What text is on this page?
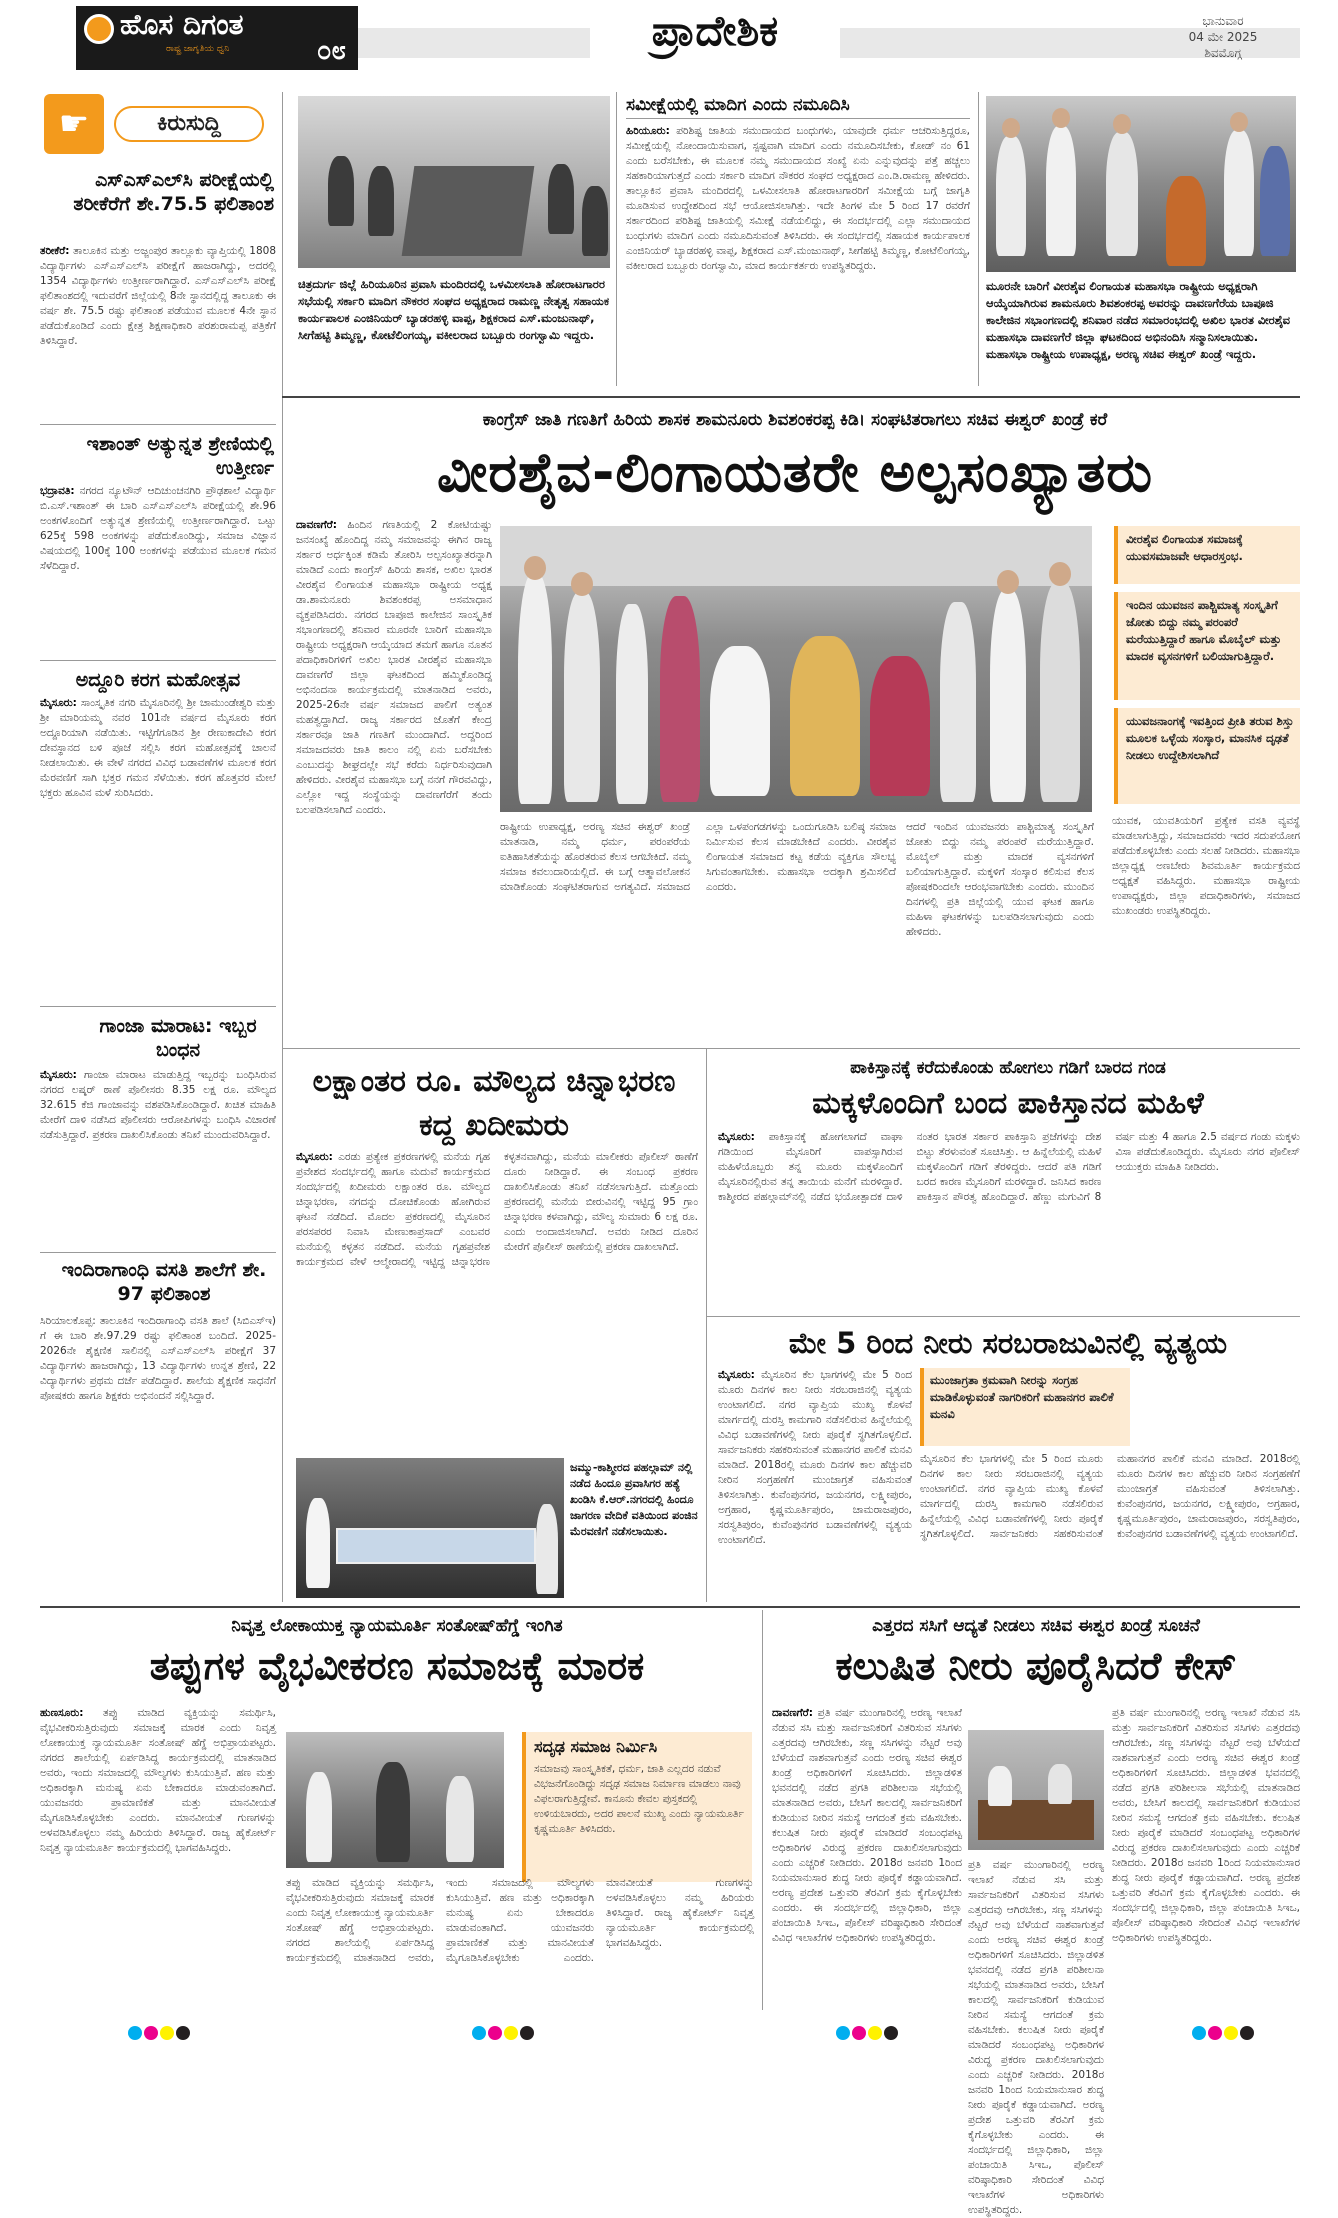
ಹೊಸ ದಿಗಂತ
ರಾಷ್ಟ್ರ ಜಾಗೃತಿಯ ಧ್ವನಿ	೦೮	ಪ್ರಾದೇಶಿಕ	ಭಾನುವಾರ
04 ಮೇ 2025
ಶಿವಮೊಗ್ಗ
☛	ಕಿರುಸುದ್ದಿ
ಎಸ್‌ಎಸ್‌ಎಲ್‌ಸಿ ಪರೀಕ್ಷೆಯಲ್ಲಿ ತರೀಕೆರೆಗೆ ಶೇ.75.5 ಫಲಿತಾಂಶ
ತರೀಕೆರೆ: ತಾಲೂಕಿನ ಮತ್ತು ಅಜ್ಜಂಪುರ ತಾಲ್ಲೂಕು ವ್ಯಾಪ್ತಿಯಲ್ಲಿ 1808 ವಿದ್ಯಾರ್ಥಿಗಳು ಎಸ್‌ಎಸ್‌ಎಲ್‌ಸಿ ಪರೀಕ್ಷೆಗೆ ಹಾಜರಾಗಿದ್ದು, ಅದರಲ್ಲಿ 1354 ವಿದ್ಯಾರ್ಥಿಗಳು ಉತ್ತೀರ್ಣರಾಗಿದ್ದಾರೆ. ಎಸ್‌ಎಸ್‌ಎಲ್‌ಸಿ ಪರೀಕ್ಷೆ ಫಲಿತಾಂಶದಲ್ಲಿ ಇದುವರೆಗೆ ಜಿಲ್ಲೆಯಲ್ಲಿ 8ನೇ ಸ್ಥಾನದಲ್ಲಿದ್ದ ತಾಲೂಕು ಈ ವರ್ಷ ಶೇ. 75.5 ರಷ್ಟು ಫಲಿತಾಂಶ ಪಡೆಯುವ ಮೂಲಕ 4ನೇ ಸ್ಥಾನ ಪಡೆದುಕೊಂಡಿದೆ ಎಂದು ಕ್ಷೇತ್ರ ಶಿಕ್ಷಣಾಧಿಕಾರಿ ಪರಶುರಾಮಪ್ಪ ಪತ್ರಿಕೆಗೆ ತಿಳಿಸಿದ್ದಾರೆ.
ಇಶಾಂತ್ ಅತ್ಯುನ್ನತ ಶ್ರೇಣಿಯಲ್ಲಿ ಉತ್ತೀರ್ಣ
ಭದ್ರಾವತಿ: ನಗರದ ನ್ಯೂಟೌನ್ ಆದಿಚುಂಚನಗಿರಿ ಪ್ರೌಢಶಾಲೆ ವಿದ್ಯಾರ್ಥಿ ಬಿ.ಎಸ್.ಇಶಾಂತ್ ಈ ಬಾರಿ ಎಸ್‌ಎಸ್‌ಎಲ್‌ಸಿ ಪರೀಕ್ಷೆಯಲ್ಲಿ ಶೇ.96 ಅಂಕಗಳೊಂದಿಗೆ ಅತ್ಯುನ್ನತ ಶ್ರೇಣಿಯಲ್ಲಿ ಉತ್ತೀರ್ಣರಾಗಿದ್ದಾರೆ. ಒಟ್ಟು 625ಕ್ಕೆ 598 ಅಂಕಗಳನ್ನು ಪಡೆದುಕೊಂಡಿದ್ದು, ಸಮಾಜ ವಿಜ್ಞಾನ ವಿಷಯದಲ್ಲಿ 100ಕ್ಕೆ 100 ಅಂಕಗಳನ್ನು ಪಡೆಯುವ ಮೂಲಕ ಗಮನ ಸೆಳೆದಿದ್ದಾರೆ.
ಅದ್ದೂರಿ ಕರಗ ಮಹೋತ್ಸವ
ಮೈಸೂರು: ಸಾಂಸ್ಕೃತಿಕ ನಗರಿ ಮೈಸೂರಿನಲ್ಲಿ ಶ್ರೀ ಚಾಮುಂಡೇಶ್ವರಿ ಮತ್ತು ಶ್ರೀ ಮಾರಿಯಮ್ಮ ನವರ 101ನೇ ವರ್ಷದ ಮೈಸೂರು ಕರಗ ಅದ್ದೂರಿಯಾಗಿ ನಡೆಯಿತು. ಇಟ್ಟಿಗೆಗೂಡಿನ ಶ್ರೀ ರೇಣುಕಾದೇವಿ ಕರಗ ದೇವಸ್ಥಾನದ ಬಳಿ ಪೂಜೆ ಸಲ್ಲಿಸಿ ಕರಗ ಮಹೋತ್ಸವಕ್ಕೆ ಚಾಲನೆ ನೀಡಲಾಯಿತು. ಈ ವೇಳೆ ನಗರದ ವಿವಿಧ ಬಡಾವಣೆಗಳ ಮೂಲಕ ಕರಗ ಮೆರವಣಿಗೆ ಸಾಗಿ ಭಕ್ತರ ಗಮನ ಸೆಳೆಯಿತು. ಕರಗ ಹೊತ್ತವರ ಮೇಲೆ ಭಕ್ತರು ಹೂವಿನ ಮಳೆ ಸುರಿಸಿದರು.
ಗಾಂಜಾ ಮಾರಾಟ: ಇಬ್ಬರ ಬಂಧನ
ಮೈಸೂರು: ಗಾಂಜಾ ಮಾರಾಟ ಮಾಡುತ್ತಿದ್ದ ಇಬ್ಬರನ್ನು ಬಂಧಿಸಿರುವ ನಗರದ ಲಷ್ಕರ್ ಠಾಣೆ ಪೊಲೀಸರು 8.35 ಲಕ್ಷ ರೂ. ಮೌಲ್ಯದ 32.615 ಕೆಜಿ ಗಾಂಜಾವನ್ನು ವಶಪಡಿಸಿಕೊಂಡಿದ್ದಾರೆ. ಖಚಿತ ಮಾಹಿತಿ ಮೇರೆಗೆ ದಾಳಿ ನಡೆಸಿದ ಪೊಲೀಸರು ಆರೋಪಿಗಳನ್ನು ಬಂಧಿಸಿ ವಿಚಾರಣೆ ನಡೆಸುತ್ತಿದ್ದಾರೆ. ಪ್ರಕರಣ ದಾಖಲಿಸಿಕೊಂಡು ತನಿಖೆ ಮುಂದುವರಿಸಿದ್ದಾರೆ.
ಇಂದಿರಾಗಾಂಧಿ ವಸತಿ ಶಾಲೆಗೆ ಶೇ. 97 ಫಲಿತಾಂಶ
ಸಿರಿಯಾಲಕೊಪ್ಪ: ತಾಲೂಕಿನ ಇಂದಿರಾಗಾಂಧಿ ವಸತಿ ಶಾಲೆ (ಸಿಬಿಎಸ್‌ಇ) ಗೆ ಈ ಬಾರಿ ಶೇ.97.29 ರಷ್ಟು ಫಲಿತಾಂಶ ಬಂದಿದೆ. 2025-2026ನೇ ಶೈಕ್ಷಣಿಕ ಸಾಲಿನಲ್ಲಿ ಎಸ್‌ಎಸ್‌ಎಲ್‌ಸಿ ಪರೀಕ್ಷೆಗೆ 37 ವಿದ್ಯಾರ್ಥಿಗಳು ಹಾಜರಾಗಿದ್ದು, 13 ವಿದ್ಯಾರ್ಥಿಗಳು ಉನ್ನತ ಶ್ರೇಣಿ, 22 ವಿದ್ಯಾರ್ಥಿಗಳು ಪ್ರಥಮ ದರ್ಜೆ ಪಡೆದಿದ್ದಾರೆ. ಶಾಲೆಯ ಶೈಕ್ಷಣಿಕ ಸಾಧನೆಗೆ ಪೋಷಕರು ಹಾಗೂ ಶಿಕ್ಷಕರು ಅಭಿನಂದನೆ ಸಲ್ಲಿಸಿದ್ದಾರೆ.
ಚಿತ್ರದುರ್ಗ ಜಿಲ್ಲೆ ಹಿರಿಯೂರಿನ ಪ್ರವಾಸಿ ಮಂದಿರದಲ್ಲಿ ಒಳಮೀಸಲಾತಿ ಹೋರಾಟಗಾರರ ಸಭೆಯಲ್ಲಿ ಸರ್ಕಾರಿ ಮಾದಿಗ ನೌಕರರ ಸಂಘದ ಅಧ್ಯಕ್ಷರಾದ ರಾಮಣ್ಣ ನೇತೃತ್ವ ಸಹಾಯಕ ಕಾರ್ಯಪಾಲಕ ಎಂಜಿನಿಯರ್ ಬ್ಯಾಡರಹಳ್ಳಿ ವಾಪ್ಪ, ಶಿಕ್ಷಕರಾದ ಎಸ್.ಮಂಜುನಾಥ್, ಸೀಗೆಹಟ್ಟಿ ತಿಮ್ಮಣ್ಣ, ಕೋಟೆಲಿಂಗಯ್ಯ, ವಕೀಲರಾದ ಬಬ್ಬೂರು ರಂಗಸ್ವಾಮಿ ಇದ್ದರು.
ಸಮೀಕ್ಷೆಯಲ್ಲಿ ಮಾದಿಗ ಎಂದು ನಮೂದಿಸಿ
ಹಿರಿಯೂರು: ಪರಿಶಿಷ್ಟ ಜಾತಿಯ ಸಮುದಾಯದ ಬಂಧುಗಳು, ಯಾವುದೇ ಧರ್ಮ ಆಚರಿಸುತ್ತಿದ್ದರೂ, ಸಮೀಕ್ಷೆಯಲ್ಲಿ ನೋಂದಾಯಿಸುವಾಗ, ಸ್ಪಷ್ಟವಾಗಿ ಮಾದಿಗ ಎಂದು ನಮೂದಿಸಬೇಕು, ಕೋಡ್ ನಂ 61 ಎಂದು ಬರೆಸಬೇಕು, ಈ ಮೂಲಕ ನಮ್ಮ ಸಮುದಾಯದ ಸಂಖ್ಯೆ ಏನು ಎನ್ನುವುದನ್ನು ಪತ್ತೆ ಹಚ್ಚಲು ಸಹಕಾರಿಯಾಗುತ್ತದೆ ಎಂದು ಸರ್ಕಾರಿ ಮಾದಿಗ ನೌಕರರ ಸಂಘದ ಅಧ್ಯಕ್ಷರಾದ ಎಂ.ಡಿ.ರಾಮಣ್ಣ ಹೇಳಿದರು. ತಾಲ್ಲೂಕಿನ ಪ್ರವಾಸಿ ಮಂದಿರದಲ್ಲಿ ಒಳಮೀಸಲಾತಿ ಹೋರಾಟಗಾರರಿಗೆ ಸಮೀಕ್ಷೆಯ ಬಗ್ಗೆ ಜಾಗೃತಿ ಮೂಡಿಸುವ ಉದ್ದೇಶದಿಂದ ಸಭೆ ಆಯೋಜಿಸಲಾಗಿತ್ತು. ಇದೇ ತಿಂಗಳ ಮೇ 5 ರಿಂದ 17 ರವರೆಗೆ ಸರ್ಕಾರದಿಂದ ಪರಿಶಿಷ್ಟ ಜಾತಿಯಲ್ಲಿ ಸಮೀಕ್ಷೆ ನಡೆಯಲಿದ್ದು, ಈ ಸಂದರ್ಭದಲ್ಲಿ ಎಲ್ಲಾ ಸಮುದಾಯದ ಬಂಧುಗಳು ಮಾದಿಗ ಎಂದು ನಮೂದಿಸುವಂತೆ ತಿಳಿಸಿದರು. ಈ ಸಂದರ್ಭದಲ್ಲಿ ಸಹಾಯಕ ಕಾರ್ಯಪಾಲಕ ಎಂಜಿನಿಯರ್ ಬ್ಯಾಡರಹಳ್ಳಿ ವಾಪ್ಪ, ಶಿಕ್ಷಕರಾದ ಎಸ್.ಮಂಜುನಾಥ್, ಸೀಗೆಹಟ್ಟಿ ತಿಮ್ಮಣ್ಣ, ಕೋಟೆಲಿಂಗಯ್ಯ, ವಕೀಲರಾದ ಬಬ್ಬೂರು ರಂಗಸ್ವಾಮಿ, ಮಾದ ಕಾರ್ಯಕರ್ತರು ಉಪಸ್ಥಿತರಿದ್ದರು.
ಮೂರನೇ ಬಾರಿಗೆ ವೀರಶೈವ ಲಿಂಗಾಯತ ಮಹಾಸಭಾ ರಾಷ್ಟ್ರೀಯ ಅಧ್ಯಕ್ಷರಾಗಿ ಆಯ್ಕೆಯಾಗಿರುವ ಶಾಮನೂರು ಶಿವಶಂಕರಪ್ಪ ಅವರನ್ನು ದಾವಣಗೆರೆಯ ಬಾಪೂಜಿ ಕಾಲೇಜಿನ ಸಭಾಂಗಣದಲ್ಲಿ ಶನಿವಾರ ನಡೆದ ಸಮಾರಂಭದಲ್ಲಿ ಅಖಿಲ ಭಾರತ ವೀರಶೈವ ಮಹಾಸಭಾ ದಾವಣಗೆರೆ ಜಿಲ್ಲಾ ಘಟಕದಿಂದ ಅಭಿನಂದಿಸಿ ಸನ್ಮಾನಿಸಲಾಯಿತು. ಮಹಾಸಭಾ ರಾಷ್ಟ್ರೀಯ ಉಪಾಧ್ಯಕ್ಷ, ಅರಣ್ಯ ಸಚಿವ ಈಶ್ವರ್ ಖಂಡ್ರೆ ಇದ್ದರು.
ಕಾಂಗ್ರೆಸ್ ಜಾತಿ ಗಣತಿಗೆ ಹಿರಿಯ ಶಾಸಕ ಶಾಮನೂರು ಶಿವಶಂಕರಪ್ಪ ಕಿಡಿ। ಸಂಘಟಿತರಾಗಲು ಸಚಿವ ಈಶ್ವರ್ ಖಂಡ್ರೆ ಕರೆ
ವೀರಶೈವ-ಲಿಂಗಾಯತರೇ ಅಲ್ಪಸಂಖ್ಯಾತರು
ದಾವಣಗೆರೆ: ಹಿಂದಿನ ಗಣತಿಯಲ್ಲಿ 2 ಕೋಟಿಯಷ್ಟು ಜನಸಂಖ್ಯೆ ಹೊಂದಿದ್ದ ನಮ್ಮ ಸಮಾಜವನ್ನು ಈಗಿನ ರಾಜ್ಯ ಸರ್ಕಾರ ಅರ್ಧಕ್ಕಿಂತ ಕಡಿಮೆ ತೋರಿಸಿ ಅಲ್ಪಸಂಖ್ಯಾತರನ್ನಾಗಿ ಮಾಡಿದೆ ಎಂದು ಕಾಂಗ್ರೆಸ್ ಹಿರಿಯ ಶಾಸಕ, ಅಖಿಲ ಭಾರತ ವೀರಶೈವ ಲಿಂಗಾಯತ ಮಹಾಸಭಾ ರಾಷ್ಟ್ರೀಯ ಅಧ್ಯಕ್ಷ ಡಾ.ಶಾಮನೂರು ಶಿವಶಂಕರಪ್ಪ ಅಸಮಾಧಾನ ವ್ಯಕ್ತಪಡಿಸಿದರು. ನಗರದ ಬಾಪೂಜಿ ಕಾಲೇಜಿನ ಸಾಂಸ್ಕೃತಿಕ ಸಭಾಂಗಣದಲ್ಲಿ ಶನಿವಾರ ಮೂರನೇ ಬಾರಿಗೆ ಮಹಾಸಭಾ ರಾಷ್ಟ್ರೀಯ ಅಧ್ಯಕ್ಷರಾಗಿ ಆಯ್ಕೆಯಾದ ತಮಗೆ ಹಾಗೂ ನೂತನ ಪದಾಧಿಕಾರಿಗಳಿಗೆ ಅಖಿಲ ಭಾರತ ವೀರಶೈವ ಮಹಾಸಭಾ ದಾವಣಗೆರೆ ಜಿಲ್ಲಾ ಘಟಕದಿಂದ ಹಮ್ಮಿಕೊಂಡಿದ್ದ ಅಭಿನಂದನಾ ಕಾರ್ಯಕ್ರಮದಲ್ಲಿ ಮಾತನಾಡಿದ ಅವರು, 2025-26ನೇ ವರ್ಷ ಸಮಾಜದ ಪಾಲಿಗೆ ಅತ್ಯಂತ ಮಹತ್ವದ್ದಾಗಿದೆ. ರಾಜ್ಯ ಸರ್ಕಾರದ ಜೊತೆಗೆ ಕೇಂದ್ರ ಸರ್ಕಾರವೂ ಜಾತಿ ಗಣತಿಗೆ ಮುಂದಾಗಿದೆ. ಅದ್ದರಿಂದ ಸಮಾಜದವರು ಜಾತಿ ಕಾಲಂ ನಲ್ಲಿ ಏನು ಬರೆಸಬೇಕು ಎಂಬುದನ್ನು ಶೀಘ್ರದಲ್ಲೇ ಸಭೆ ಕರೆದು ನಿರ್ಧರಿಸುವುದಾಗಿ ಹೇಳಿದರು. ವೀರಶೈವ ಮಹಾಸಭಾ ಬಗ್ಗೆ ನನಗೆ ಗೌರವವಿದ್ದು, ಎಲ್ಲೋ ಇದ್ದ ಸಂಸ್ಥೆಯನ್ನು ದಾವಣಗೆರೆಗೆ ತಂದು ಬಲಪಡಿಸಲಾಗಿದೆ ಎಂದರು.
ವೀರಶೈವ ಲಿಂಗಾಯತ ಸಮಾಜಕ್ಕೆ ಯುವಸಮಾಜವೇ ಆಧಾರಸ್ತಂಭ.
ಇಂದಿನ ಯುವಜನ ಪಾಶ್ಚಿಮಾತ್ಯ ಸಂಸ್ಕೃತಿಗೆ ಜೋತು ಬಿದ್ದು ನಮ್ಮ ಪರಂಪರೆ ಮರೆಯುತ್ತಿದ್ದಾರೆ ಹಾಗೂ ಮೊಬೈಲ್ ಮತ್ತು ಮಾದಕ ವ್ಯಸನಗಳಿಗೆ ಬಲಿಯಾಗುತ್ತಿದ್ದಾರೆ.
ಯುವಜನಾಂಗಕ್ಕೆ ಇವತ್ತಿಂದ ಪ್ರೀತಿ ತರುವ ಶಿಸ್ತು ಮೂಲಕ ಒಳ್ಳೆಯ ಸಂಸ್ಕಾರ, ಮಾನಸಿಕ ದೃಢತೆ ನೀಡಲು ಉದ್ದೇಶಿಸಲಾಗಿದೆ
ರಾಷ್ಟ್ರೀಯ ಉಪಾಧ್ಯಕ್ಷ, ಅರಣ್ಯ ಸಚಿವ ಈಶ್ವರ್ ಖಂಡ್ರೆ ಮಾತನಾಡಿ, ನಮ್ಮ ಧರ್ಮ, ಪರಂಪರೆಯ ಐತಿಹಾಸಿಕತೆಯನ್ನು ಹೊರತರುವ ಕೆಲಸ ಆಗಬೇಕಿದೆ. ನಮ್ಮ ಸಮಾಜ ಕವಲುದಾರಿಯಲ್ಲಿದೆ. ಈ ಬಗ್ಗೆ ಆತ್ಮಾವಲೋಕನ ಮಾಡಿಕೊಂಡು ಸಂಘಟಿತರಾಗುವ ಅಗತ್ಯವಿದೆ. ಸಮಾಜದ ಎಲ್ಲಾ ಒಳಪಂಗಡಗಳನ್ನು ಒಂದುಗೂಡಿಸಿ ಬಲಿಷ್ಠ ಸಮಾಜ ನಿರ್ಮಿಸುವ ಕೆಲಸ ಮಾಡಬೇಕಿದೆ ಎಂದರು. ವೀರಶೈವ ಲಿಂಗಾಯತ ಸಮಾಜದ ಕಟ್ಟ ಕಡೆಯ ವ್ಯಕ್ತಿಗೂ ಸೌಲಭ್ಯ ಸಿಗುವಂತಾಗಬೇಕು. ಮಹಾಸಭಾ ಅದಕ್ಕಾಗಿ ಶ್ರಮಿಸಲಿದೆ ಎಂದರು.
ಆದರೆ ಇಂದಿನ ಯುವಜನರು ಪಾಶ್ಚಿಮಾತ್ಯ ಸಂಸ್ಕೃತಿಗೆ ಜೋತು ಬಿದ್ದು ನಮ್ಮ ಪರಂಪರೆ ಮರೆಯುತ್ತಿದ್ದಾರೆ. ಮೊಬೈಲ್ ಮತ್ತು ಮಾದಕ ವ್ಯಸನಗಳಿಗೆ ಬಲಿಯಾಗುತ್ತಿದ್ದಾರೆ. ಮಕ್ಕಳಿಗೆ ಸಂಸ್ಕಾರ ಕಲಿಸುವ ಕೆಲಸ ಪೋಷಕರಿಂದಲೇ ಆರಂಭವಾಗಬೇಕು ಎಂದರು. ಮುಂದಿನ ದಿನಗಳಲ್ಲಿ ಪ್ರತಿ ಜಿಲ್ಲೆಯಲ್ಲಿ ಯುವ ಘಟಕ ಹಾಗೂ ಮಹಿಳಾ ಘಟಕಗಳನ್ನು ಬಲಪಡಿಸಲಾಗುವುದು ಎಂದು ಹೇಳಿದರು.
ಯುವಕ, ಯುವತಿಯರಿಗೆ ಪ್ರತ್ಯೇಕ ವಸತಿ ವ್ಯವಸ್ಥೆ ಮಾಡಲಾಗುತ್ತಿದ್ದು, ಸಮಾಜದವರು ಇದರ ಸದುಪಯೋಗ ಪಡೆದುಕೊಳ್ಳಬೇಕು ಎಂದು ಸಲಹೆ ನೀಡಿದರು. ಮಹಾಸಭಾ ಜಿಲ್ಲಾಧ್ಯಕ್ಷ ಅಣಬೇರು ಶಿವಮೂರ್ತಿ ಕಾರ್ಯಕ್ರಮದ ಅಧ್ಯಕ್ಷತೆ ವಹಿಸಿದ್ದರು. ಮಹಾಸಭಾ ರಾಷ್ಟ್ರೀಯ ಉಪಾಧ್ಯಕ್ಷರು, ಜಿಲ್ಲಾ ಪದಾಧಿಕಾರಿಗಳು, ಸಮಾಜದ ಮುಖಂಡರು ಉಪಸ್ಥಿತರಿದ್ದರು.
ಲಕ್ಷಾಂತರ ರೂ. ಮೌಲ್ಯದ ಚಿನ್ನಾಭರಣ ಕದ್ದ ಖದೀಮರು
ಮೈಸೂರು: ಎರಡು ಪ್ರತ್ಯೇಕ ಪ್ರಕರಣಗಳಲ್ಲಿ ಮನೆಯ ಗೃಹ ಪ್ರವೇಶದ ಸಂದರ್ಭದಲ್ಲಿ ಹಾಗೂ ಮದುವೆ ಕಾರ್ಯಕ್ರಮದ ಸಂದರ್ಭದಲ್ಲಿ ಖದೀಮರು ಲಕ್ಷಾಂತರ ರೂ. ಮೌಲ್ಯದ ಚಿನ್ನಾಭರಣ, ನಗದನ್ನು ದೋಚಿಕೊಂಡು ಹೋಗಿರುವ ಘಟನೆ ನಡೆದಿದೆ. ಮೊದಲ ಪ್ರಕರಣದಲ್ಲಿ ಮೈಸೂರಿನ ಪರಸಪರರ ನಿವಾಸಿ ಮೇಣುಕಾಪ್ರಸಾದ್ ಎಂಬವರ ಮನೆಯಲ್ಲಿ ಕಳ್ಳತನ ನಡೆದಿದೆ. ಮನೆಯ ಗೃಹಪ್ರವೇಶ ಕಾರ್ಯಕ್ರಮದ ವೇಳೆ ಆಲ್ಮೇರಾದಲ್ಲಿ ಇಟ್ಟಿದ್ದ ಚಿನ್ನಾಭರಣ ಕಳ್ಳತನವಾಗಿದ್ದು, ಮನೆಯ ಮಾಲೀಕರು ಪೊಲೀಸ್ ಠಾಣೆಗೆ ದೂರು ನೀಡಿದ್ದಾರೆ. ಈ ಸಂಬಂಧ ಪ್ರಕರಣ ದಾಖಲಿಸಿಕೊಂಡು ತನಿಖೆ ನಡೆಸಲಾಗುತ್ತಿದೆ. ಮತ್ತೊಂದು ಪ್ರಕರಣದಲ್ಲಿ ಮನೆಯ ಬೀರುವಿನಲ್ಲಿ ಇಟ್ಟಿದ್ದ 95 ಗ್ರಾಂ ಚಿನ್ನಾಭರಣ ಕಳವಾಗಿದ್ದು, ಮೌಲ್ಯ ಸುಮಾರು 6 ಲಕ್ಷ ರೂ. ಎಂದು ಅಂದಾಜಿಸಲಾಗಿದೆ. ಅವರು ನೀಡಿದ ದೂರಿನ ಮೇರೆಗೆ ಪೊಲೀಸ್ ಠಾಣೆಯಲ್ಲಿ ಪ್ರಕರಣ ದಾಖಲಾಗಿದೆ.
ಜಮ್ಮು-ಕಾಶ್ಮೀರದ ಪಹಲ್ಗಾಮ್ ನಲ್ಲಿ ನಡೆದ ಹಿಂದೂ ಪ್ರವಾಸಿಗರ ಹತ್ಯೆ ಖಂಡಿಸಿ ಕೆ.ಆರ್.ನಗರದಲ್ಲಿ ಹಿಂದೂ ಜಾಗರಣ ವೇದಿಕೆ ವತಿಯಿಂದ ಪಂಜಿನ ಮೆರವಣಿಗೆ ನಡೆಸಲಾಯಿತು.
ಪಾಕಿಸ್ತಾನಕ್ಕೆ ಕರೆದುಕೊಂಡು ಹೋಗಲು ಗಡಿಗೆ ಬಾರದ ಗಂಡ
ಮಕ್ಕಳೊಂದಿಗೆ ಬಂದ ಪಾಕಿಸ್ತಾನದ ಮಹಿಳೆ
ಮೈಸೂರು: ಪಾಕಿಸ್ತಾನಕ್ಕೆ ಹೋಗಲಾಗದೆ ವಾಘಾ ಗಡಿಯಿಂದ ಮೈಸೂರಿಗೆ ವಾಪಸ್ಸಾಗಿರುವ ಮಹಿಳೆಯೊಬ್ಬರು ತನ್ನ ಮೂರು ಮಕ್ಕಳೊಂದಿಗೆ ಮೈಸೂರಿನಲ್ಲಿರುವ ತನ್ನ ತಾಯಿಯ ಮನೆಗೆ ಮರಳಿದ್ದಾರೆ. ಕಾಶ್ಮೀರದ ಪಹಲ್ಗಾಮ್‌ನಲ್ಲಿ ನಡೆದ ಭಯೋತ್ಪಾದಕ ದಾಳಿ ನಂತರ ಭಾರತ ಸರ್ಕಾರ ಪಾಕಿಸ್ತಾನಿ ಪ್ರಜೆಗಳನ್ನು ದೇಶ ಬಿಟ್ಟು ತೆರಳುವಂತೆ ಸೂಚಿಸಿತ್ತು. ಆ ಹಿನ್ನೆಲೆಯಲ್ಲಿ ಮಹಿಳೆ ಮಕ್ಕಳೊಂದಿಗೆ ಗಡಿಗೆ ತೆರಳಿದ್ದರು. ಆದರೆ ಪತಿ ಗಡಿಗೆ ಬರದ ಕಾರಣ ಮೈಸೂರಿಗೆ ಮರಳಿದ್ದಾರೆ. ಜನಿಸಿದ ಕಾರಣ ಪಾಕಿಸ್ತಾನ ಪೌರತ್ವ ಹೊಂದಿದ್ದಾರೆ. ಹೆಣ್ಣು ಮಗುವಿಗೆ 8 ವರ್ಷ ಮತ್ತು 4 ಹಾಗೂ 2.5 ವರ್ಷದ ಗಂಡು ಮಕ್ಕಳು ವಿಸಾ ಪಡೆದುಕೊಂಡಿದ್ದರು. ಮೈಸೂರು ನಗರ ಪೊಲೀಸ್ ಆಯುಕ್ತರು ಮಾಹಿತಿ ನೀಡಿದರು.
ಮೇ 5 ರಿಂದ ನೀರು ಸರಬರಾಜುವಿನಲ್ಲಿ ವ್ಯತ್ಯಯ
ಮುಂಜಾಗ್ರತಾ ಕ್ರಮವಾಗಿ ನೀರನ್ನು ಸಂಗ್ರಹ ಮಾಡಿಕೊಳ್ಳುವಂತೆ ನಾಗರಿಕರಿಗೆ ಮಹಾನಗರ ಪಾಲಿಕೆ ಮನವಿ
ಮೈಸೂರು: ಮೈಸೂರಿನ ಕೆಲ ಭಾಗಗಳಲ್ಲಿ ಮೇ 5 ರಿಂದ ಮೂರು ದಿನಗಳ ಕಾಲ ನೀರು ಸರಬರಾಜಿನಲ್ಲಿ ವ್ಯತ್ಯಯ ಉಂಟಾಗಲಿದೆ. ನಗರ ವ್ಯಾಪ್ತಿಯ ಮುಖ್ಯ ಕೊಳವೆ ಮಾರ್ಗದಲ್ಲಿ ದುರಸ್ತಿ ಕಾಮಗಾರಿ ನಡೆಸಲಿರುವ ಹಿನ್ನೆಲೆಯಲ್ಲಿ ವಿವಿಧ ಬಡಾವಣೆಗಳಲ್ಲಿ ನೀರು ಪೂರೈಕೆ ಸ್ಥಗಿತಗೊಳ್ಳಲಿದೆ. ಸಾರ್ವಜನಿಕರು ಸಹಕರಿಸುವಂತೆ ಮಹಾನಗರ ಪಾಲಿಕೆ ಮನವಿ ಮಾಡಿದೆ. 2018ರಲ್ಲಿ ಮೂರು ದಿನಗಳ ಕಾಲ ಹೆಚ್ಚುವರಿ ನೀರಿನ ಸಂಗ್ರಹಣೆಗೆ ಮುಂಜಾಗ್ರತೆ ವಹಿಸುವಂತೆ ತಿಳಿಸಲಾಗಿತ್ತು. ಕುವೆಂಪುನಗರ, ಜಯನಗರ, ಲಕ್ಷ್ಮೀಪುರಂ, ಅಗ್ರಹಾರ, ಕೃಷ್ಣಮೂರ್ತಿಪುರಂ, ಚಾಮರಾಜಪುರಂ, ಸರಸ್ವತಿಪುರಂ, ಕುವೆಂಪುನಗರ ಬಡಾವಣೆಗಳಲ್ಲಿ ವ್ಯತ್ಯಯ ಉಂಟಾಗಲಿದೆ.
ಮೈಸೂರಿನ ಕೆಲ ಭಾಗಗಳಲ್ಲಿ ಮೇ 5 ರಿಂದ ಮೂರು ದಿನಗಳ ಕಾಲ ನೀರು ಸರಬರಾಜಿನಲ್ಲಿ ವ್ಯತ್ಯಯ ಉಂಟಾಗಲಿದೆ. ನಗರ ವ್ಯಾಪ್ತಿಯ ಮುಖ್ಯ ಕೊಳವೆ ಮಾರ್ಗದಲ್ಲಿ ದುರಸ್ತಿ ಕಾಮಗಾರಿ ನಡೆಸಲಿರುವ ಹಿನ್ನೆಲೆಯಲ್ಲಿ ವಿವಿಧ ಬಡಾವಣೆಗಳಲ್ಲಿ ನೀರು ಪೂರೈಕೆ ಸ್ಥಗಿತಗೊಳ್ಳಲಿದೆ. ಸಾರ್ವಜನಿಕರು ಸಹಕರಿಸುವಂತೆ ಮಹಾನಗರ ಪಾಲಿಕೆ ಮನವಿ ಮಾಡಿದೆ. 2018ರಲ್ಲಿ ಮೂರು ದಿನಗಳ ಕಾಲ ಹೆಚ್ಚುವರಿ ನೀರಿನ ಸಂಗ್ರಹಣೆಗೆ ಮುಂಜಾಗ್ರತೆ ವಹಿಸುವಂತೆ ತಿಳಿಸಲಾಗಿತ್ತು. ಕುವೆಂಪುನಗರ, ಜಯನಗರ, ಲಕ್ಷ್ಮೀಪುರಂ, ಅಗ್ರಹಾರ, ಕೃಷ್ಣಮೂರ್ತಿಪುರಂ, ಚಾಮರಾಜಪುರಂ, ಸರಸ್ವತಿಪುರಂ, ಕುವೆಂಪುನಗರ ಬಡಾವಣೆಗಳಲ್ಲಿ ವ್ಯತ್ಯಯ ಉಂಟಾಗಲಿದೆ.
ನಿವೃತ್ತ ಲೋಕಾಯುಕ್ತ ನ್ಯಾಯಮೂರ್ತಿ ಸಂತೋಷ್‌ಹೆಗ್ಡೆ ಇಂಗಿತ
ತಪ್ಪುಗಳ ವೈಭವೀಕರಣ ಸಮಾಜಕ್ಕೆ ಮಾರಕ
ಹುಣಸೂರು: ತಪ್ಪು ಮಾಡಿದ ವ್ಯಕ್ತಿಯನ್ನು ಸಮರ್ಥಿಸಿ, ವೈಭವೀಕರಿಸುತ್ತಿರುವುದು ಸಮಾಜಕ್ಕೆ ಮಾರಕ ಎಂದು ನಿವೃತ್ತ ಲೋಕಾಯುಕ್ತ ನ್ಯಾಯಮೂರ್ತಿ ಸಂತೋಷ್ ಹೆಗ್ಡೆ ಅಭಿಪ್ರಾಯಪಟ್ಟರು. ನಗರದ ಶಾಲೆಯಲ್ಲಿ ಏರ್ಪಡಿಸಿದ್ದ ಕಾರ್ಯಕ್ರಮದಲ್ಲಿ ಮಾತನಾಡಿದ ಅವರು, ಇಂದು ಸಮಾಜದಲ್ಲಿ ಮೌಲ್ಯಗಳು ಕುಸಿಯುತ್ತಿವೆ. ಹಣ ಮತ್ತು ಅಧಿಕಾರಕ್ಕಾಗಿ ಮನುಷ್ಯ ಏನು ಬೇಕಾದರೂ ಮಾಡುವಂತಾಗಿದೆ. ಯುವಜನರು ಪ್ರಾಮಾಣಿಕತೆ ಮತ್ತು ಮಾನವೀಯತೆ ಮೈಗೂಡಿಸಿಕೊಳ್ಳಬೇಕು ಎಂದರು. ಮಾನವೀಯತೆ ಗುಣಗಳನ್ನು ಅಳವಡಿಸಿಕೊಳ್ಳಲು ನಮ್ಮ ಹಿರಿಯರು ತಿಳಿಸಿದ್ದಾರೆ. ರಾಜ್ಯ ಹೈಕೋರ್ಟ್ ನಿವೃತ್ತ ನ್ಯಾಯಮೂರ್ತಿ ಕಾರ್ಯಕ್ರಮದಲ್ಲಿ ಭಾಗವಹಿಸಿದ್ದರು.
ಸದೃಢ ಸಮಾಜ ನಿರ್ಮಿಸಿ
ಸಮಾಜವು ಸಾಂಸ್ಕೃತಿಕತೆ, ಧರ್ಮ, ಜಾತಿ ಎಲ್ಲದರ ನಡುವೆ ವಿಭಜನೆಗೊಂಡಿದ್ದು ಸದೃಢ ಸಮಾಜ ನಿರ್ಮಾಣ ಮಾಡಲು ನಾವು ವಿಫಲರಾಗುತ್ತಿದ್ದೇವೆ. ಕಾನೂನು ಕೇವಲ ಪುಸ್ತಕದಲ್ಲಿ ಉಳಿಯಬಾರದು, ಅದರ ಪಾಲನೆ ಮುಖ್ಯ ಎಂದು ನ್ಯಾಯಮೂರ್ತಿ ಕೃಷ್ಣಮೂರ್ತಿ ತಿಳಿಸಿದರು.
ತಪ್ಪು ಮಾಡಿದ ವ್ಯಕ್ತಿಯನ್ನು ಸಮರ್ಥಿಸಿ, ವೈಭವೀಕರಿಸುತ್ತಿರುವುದು ಸಮಾಜಕ್ಕೆ ಮಾರಕ ಎಂದು ನಿವೃತ್ತ ಲೋಕಾಯುಕ್ತ ನ್ಯಾಯಮೂರ್ತಿ ಸಂತೋಷ್ ಹೆಗ್ಡೆ ಅಭಿಪ್ರಾಯಪಟ್ಟರು. ನಗರದ ಶಾಲೆಯಲ್ಲಿ ಏರ್ಪಡಿಸಿದ್ದ ಕಾರ್ಯಕ್ರಮದಲ್ಲಿ ಮಾತನಾಡಿದ ಅವರು, ಇಂದು ಸಮಾಜದಲ್ಲಿ ಮೌಲ್ಯಗಳು ಕುಸಿಯುತ್ತಿವೆ. ಹಣ ಮತ್ತು ಅಧಿಕಾರಕ್ಕಾಗಿ ಮನುಷ್ಯ ಏನು ಬೇಕಾದರೂ ಮಾಡುವಂತಾಗಿದೆ. ಯುವಜನರು ಪ್ರಾಮಾಣಿಕತೆ ಮತ್ತು ಮಾನವೀಯತೆ ಮೈಗೂಡಿಸಿಕೊಳ್ಳಬೇಕು ಎಂದರು. ಮಾನವೀಯತೆ ಗುಣಗಳನ್ನು ಅಳವಡಿಸಿಕೊಳ್ಳಲು ನಮ್ಮ ಹಿರಿಯರು ತಿಳಿಸಿದ್ದಾರೆ. ರಾಜ್ಯ ಹೈಕೋರ್ಟ್ ನಿವೃತ್ತ ನ್ಯಾಯಮೂರ್ತಿ ಕಾರ್ಯಕ್ರಮದಲ್ಲಿ ಭಾಗವಹಿಸಿದ್ದರು.
ಎತ್ತರದ ಸಸಿಗೆ ಆದ್ಯತೆ ನೀಡಲು ಸಚಿವ ಈಶ್ವರ ಖಂಡ್ರೆ ಸೂಚನೆ
ಕಲುಷಿತ ನೀರು ಪೂರೈಸಿದರೆ ಕೇಸ್
ದಾವಣಗೆರೆ: ಪ್ರತಿ ವರ್ಷ ಮುಂಗಾರಿನಲ್ಲಿ ಅರಣ್ಯ ಇಲಾಖೆ ನೆಡುವ ಸಸಿ ಮತ್ತು ಸಾರ್ವಜನಿಕರಿಗೆ ವಿತರಿಸುವ ಸಸಿಗಳು ಎತ್ತರದವು ಆಗಿರಬೇಕು, ಸಣ್ಣ ಸಸಿಗಳನ್ನು ನೆಟ್ಟರೆ ಅವು ಬೆಳೆಯದೆ ನಾಶವಾಗುತ್ತವೆ ಎಂದು ಅರಣ್ಯ ಸಚಿವ ಈಶ್ವರ ಖಂಡ್ರೆ ಅಧಿಕಾರಿಗಳಿಗೆ ಸೂಚಿಸಿದರು. ಜಿಲ್ಲಾಡಳಿತ ಭವನದಲ್ಲಿ ನಡೆದ ಪ್ರಗತಿ ಪರಿಶೀಲನಾ ಸಭೆಯಲ್ಲಿ ಮಾತನಾಡಿದ ಅವರು, ಬೇಸಿಗೆ ಕಾಲದಲ್ಲಿ ಸಾರ್ವಜನಿಕರಿಗೆ ಕುಡಿಯುವ ನೀರಿನ ಸಮಸ್ಯೆ ಆಗದಂತೆ ಕ್ರಮ ವಹಿಸಬೇಕು. ಕಲುಷಿತ ನೀರು ಪೂರೈಕೆ ಮಾಡಿದರೆ ಸಂಬಂಧಪಟ್ಟ ಅಧಿಕಾರಿಗಳ ವಿರುದ್ಧ ಪ್ರಕರಣ ದಾಖಲಿಸಲಾಗುವುದು ಎಂದು ಎಚ್ಚರಿಕೆ ನೀಡಿದರು. 2018ರ ಜನವರಿ 1ರಿಂದ ನಿಯಮಾನುಸಾರ ಶುದ್ಧ ನೀರು ಪೂರೈಕೆ ಕಡ್ಡಾಯವಾಗಿದೆ. ಅರಣ್ಯ ಪ್ರದೇಶ ಒತ್ತುವರಿ ತೆರವಿಗೆ ಕ್ರಮ ಕೈಗೊಳ್ಳಬೇಕು ಎಂದರು. ಈ ಸಂದರ್ಭದಲ್ಲಿ ಜಿಲ್ಲಾಧಿಕಾರಿ, ಜಿಲ್ಲಾ ಪಂಚಾಯಿತಿ ಸಿಇಒ, ಪೊಲೀಸ್ ವರಿಷ್ಠಾಧಿಕಾರಿ ಸೇರಿದಂತೆ ವಿವಿಧ ಇಲಾಖೆಗಳ ಅಧಿಕಾರಿಗಳು ಉಪಸ್ಥಿತರಿದ್ದರು.
ಪ್ರತಿ ವರ್ಷ ಮುಂಗಾರಿನಲ್ಲಿ ಅರಣ್ಯ ಇಲಾಖೆ ನೆಡುವ ಸಸಿ ಮತ್ತು ಸಾರ್ವಜನಿಕರಿಗೆ ವಿತರಿಸುವ ಸಸಿಗಳು ಎತ್ತರದವು ಆಗಿರಬೇಕು, ಸಣ್ಣ ಸಸಿಗಳನ್ನು ನೆಟ್ಟರೆ ಅವು ಬೆಳೆಯದೆ ನಾಶವಾಗುತ್ತವೆ ಎಂದು ಅರಣ್ಯ ಸಚಿವ ಈಶ್ವರ ಖಂಡ್ರೆ ಅಧಿಕಾರಿಗಳಿಗೆ ಸೂಚಿಸಿದರು. ಜಿಲ್ಲಾಡಳಿತ ಭವನದಲ್ಲಿ ನಡೆದ ಪ್ರಗತಿ ಪರಿಶೀಲನಾ ಸಭೆಯಲ್ಲಿ ಮಾತನಾಡಿದ ಅವರು, ಬೇಸಿಗೆ ಕಾಲದಲ್ಲಿ ಸಾರ್ವಜನಿಕರಿಗೆ ಕುಡಿಯುವ ನೀರಿನ ಸಮಸ್ಯೆ ಆಗದಂತೆ ಕ್ರಮ ವಹಿಸಬೇಕು. ಕಲುಷಿತ ನೀರು ಪೂರೈಕೆ ಮಾಡಿದರೆ ಸಂಬಂಧಪಟ್ಟ ಅಧಿಕಾರಿಗಳ ವಿರುದ್ಧ ಪ್ರಕರಣ ದಾಖಲಿಸಲಾಗುವುದು ಎಂದು ಎಚ್ಚರಿಕೆ ನೀಡಿದರು. 2018ರ ಜನವರಿ 1ರಿಂದ ನಿಯಮಾನುಸಾರ ಶುದ್ಧ ನೀರು ಪೂರೈಕೆ ಕಡ್ಡಾಯವಾಗಿದೆ. ಅರಣ್ಯ ಪ್ರದೇಶ ಒತ್ತುವರಿ ತೆರವಿಗೆ ಕ್ರಮ ಕೈಗೊಳ್ಳಬೇಕು ಎಂದರು. ಈ ಸಂದರ್ಭದಲ್ಲಿ ಜಿಲ್ಲಾಧಿಕಾರಿ, ಜಿಲ್ಲಾ ಪಂಚಾಯಿತಿ ಸಿಇಒ, ಪೊಲೀಸ್ ವರಿಷ್ಠಾಧಿಕಾರಿ ಸೇರಿದಂತೆ ವಿವಿಧ ಇಲಾಖೆಗಳ ಅಧಿಕಾರಿಗಳು ಉಪಸ್ಥಿತರಿದ್ದರು.
ಪ್ರತಿ ವರ್ಷ ಮುಂಗಾರಿನಲ್ಲಿ ಅರಣ್ಯ ಇಲಾಖೆ ನೆಡುವ ಸಸಿ ಮತ್ತು ಸಾರ್ವಜನಿಕರಿಗೆ ವಿತರಿಸುವ ಸಸಿಗಳು ಎತ್ತರದವು ಆಗಿರಬೇಕು, ಸಣ್ಣ ಸಸಿಗಳನ್ನು ನೆಟ್ಟರೆ ಅವು ಬೆಳೆಯದೆ ನಾಶವಾಗುತ್ತವೆ ಎಂದು ಅರಣ್ಯ ಸಚಿವ ಈಶ್ವರ ಖಂಡ್ರೆ ಅಧಿಕಾರಿಗಳಿಗೆ ಸೂಚಿಸಿದರು. ಜಿಲ್ಲಾಡಳಿತ ಭವನದಲ್ಲಿ ನಡೆದ ಪ್ರಗತಿ ಪರಿಶೀಲನಾ ಸಭೆಯಲ್ಲಿ ಮಾತನಾಡಿದ ಅವರು, ಬೇಸಿಗೆ ಕಾಲದಲ್ಲಿ ಸಾರ್ವಜನಿಕರಿಗೆ ಕುಡಿಯುವ ನೀರಿನ ಸಮಸ್ಯೆ ಆಗದಂತೆ ಕ್ರಮ ವಹಿಸಬೇಕು. ಕಲುಷಿತ ನೀರು ಪೂರೈಕೆ ಮಾಡಿದರೆ ಸಂಬಂಧಪಟ್ಟ ಅಧಿಕಾರಿಗಳ ವಿರುದ್ಧ ಪ್ರಕರಣ ದಾಖಲಿಸಲಾಗುವುದು ಎಂದು ಎಚ್ಚರಿಕೆ ನೀಡಿದರು. 2018ರ ಜನವರಿ 1ರಿಂದ ನಿಯಮಾನುಸಾರ ಶುದ್ಧ ನೀರು ಪೂರೈಕೆ ಕಡ್ಡಾಯವಾಗಿದೆ. ಅರಣ್ಯ ಪ್ರದೇಶ ಒತ್ತುವರಿ ತೆರವಿಗೆ ಕ್ರಮ ಕೈಗೊಳ್ಳಬೇಕು ಎಂದರು. ಈ ಸಂದರ್ಭದಲ್ಲಿ ಜಿಲ್ಲಾಧಿಕಾರಿ, ಜಿಲ್ಲಾ ಪಂಚಾಯಿತಿ ಸಿಇಒ, ಪೊಲೀಸ್ ವರಿಷ್ಠಾಧಿಕಾರಿ ಸೇರಿದಂತೆ ವಿವಿಧ ಇಲಾಖೆಗಳ ಅಧಿಕಾರಿಗಳು ಉಪಸ್ಥಿತರಿದ್ದರು.
